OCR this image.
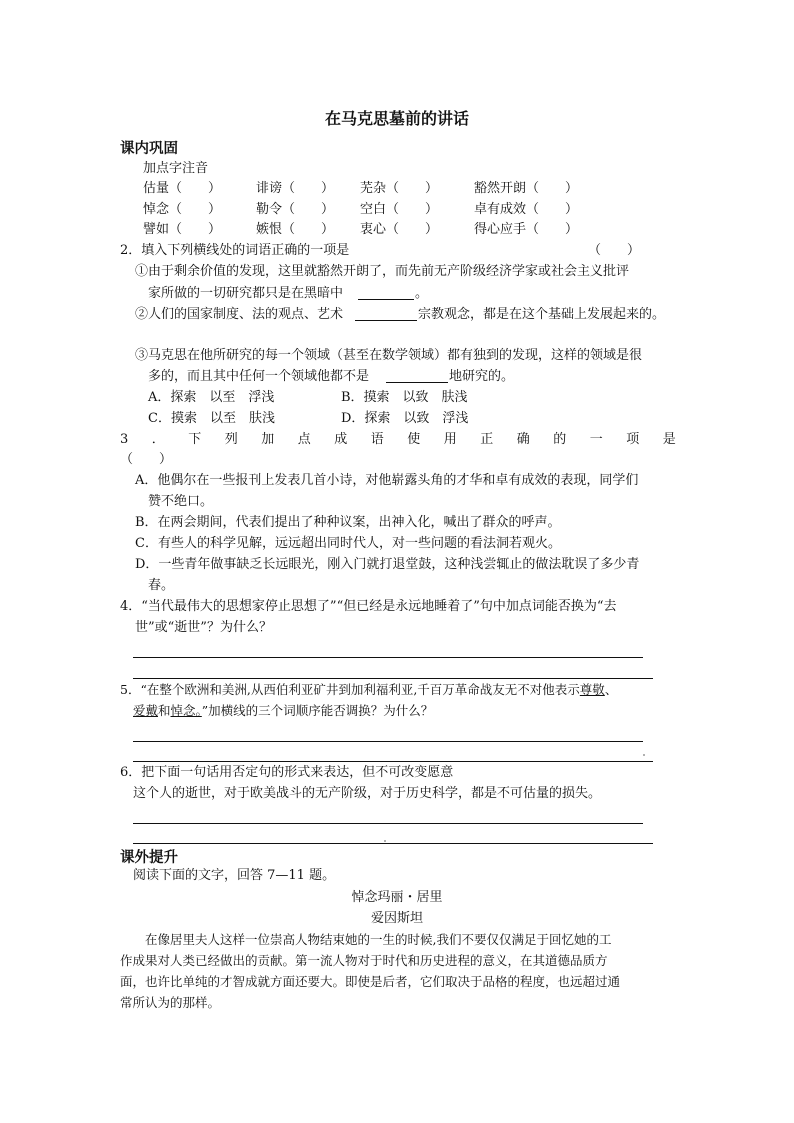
在马克思墓前的讲话
课内巩固
加点字注音
估量（　　）	诽谤（　　） 芜杂（　　）	豁然开朗（　　）
悼念（　　）	勒令（　　） 空白（　　）	卓有成效（　　）
譬如（　　）	嫉恨（　　） 衷心（　　）	得心应手（　　）
2．填入下列横线处的词语正确的一项是	（　　）
①由于剩余价值的发现，这里就豁然开朗了，而先前无产阶级经济学家或社会主义批评
家所做的一切研究都只是在黑暗中	。
②人们的国家制度、法的观点、艺术	宗教观念，都是在这个基础上发展起来的。
③马克思在他所研究的每一个领域（甚至在数学领域）都有独到的发现，这样的领域是很
多的，而且其中任何一个领域他都不是	地研究的。
A．探索　以至　浮浅	B．摸索　以致　肤浅
C．摸索　以至　肤浅	D．探索　以致　浮浅
3 ． 下 列 加 点 成 语 使 用 正 确 的 一 项 是
（　　）
A．他偶尔在一些报刊上发表几首小诗，对他崭露头角的才华和卓有成效的表现，同学们
赞不绝口。
B．在两会期间，代表们提出了种种议案，出神入化，喊出了群众的呼声。
C．有些人的科学见解，远远超出同时代人，对一些问题的看法洞若观火。
D．一些青年做事缺乏长远眼光，刚入门就打退堂鼓，这种浅尝辄止的做法耽误了多少青
春。
4．“当代最伟大的思想家停止思想了”“但已经是永远地睡着了”句中加点词能否换为“去
世”或“逝世”？为什么？
5．“在整个欧洲和美洲,从西伯利亚矿井到加利福利亚,千百万革命战友无不对他表示尊敬、
爱戴和悼念。”加横线的三个词顺序能否调换？为什么？
6．把下面一句话用否定句的形式来表达，但不可改变愿意
这个人的逝世，对于欧美战斗的无产阶级，对于历史科学，都是不可估量的损失。
课外提升
阅读下面的文字，回答 7—11 题。
悼念玛丽・居里
爱因斯坦
在像居里夫人这样一位崇高人物结束她的一生的时候,我们不要仅仅满足于回忆她的工
作成果对人类已经做出的贡献。第一流人物对于时代和历史进程的意义，在其道德品质方
面，也许比单纯的才智成就方面还要大。即使是后者，它们取决于品格的程度，也远超过通
常所认为的那样。
